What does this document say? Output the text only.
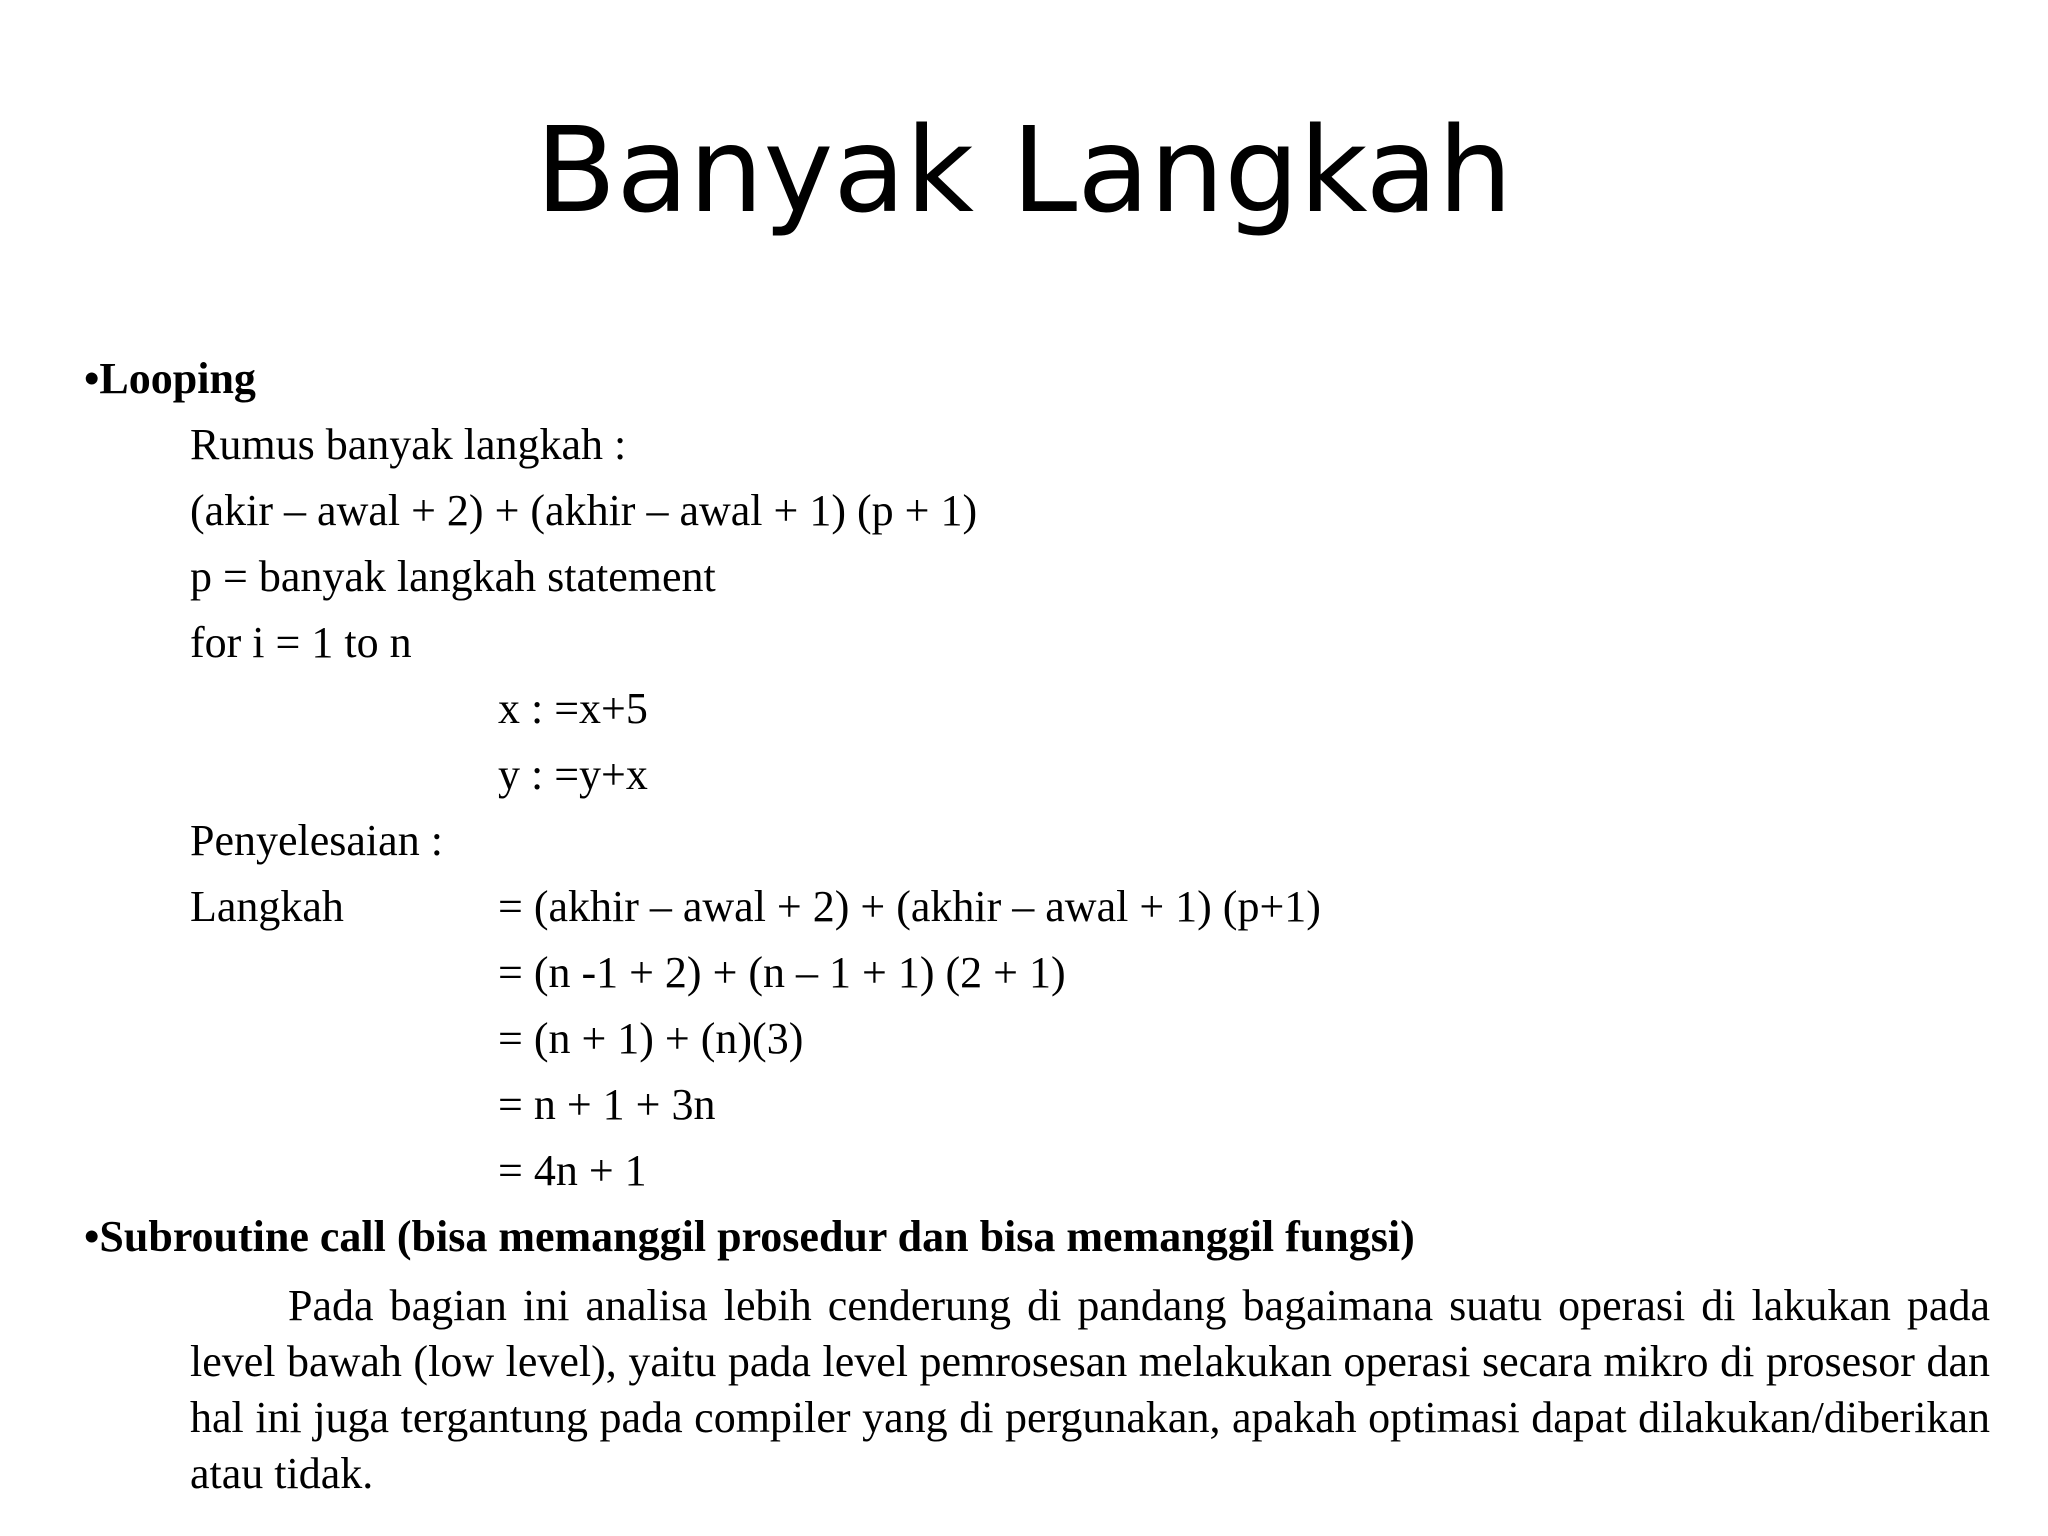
Banyak Langkah
•Looping
Rumus banyak langkah :
(akir – awal + 2) + (akhir – awal + 1) (p + 1)
p = banyak langkah statement
for i = 1 to n
x : =x+5
y : =y+x
Penyelesaian :
Langkah	= (akhir – awal + 2) + (akhir – awal + 1) (p+1)
= (n -1 + 2) + (n – 1 + 1) (2 + 1)
= (n + 1) + (n)(3)
= n + 1 + 3n
= 4n + 1
•Subroutine call (bisa memanggil prosedur dan bisa memanggil fungsi)

Pada bagian ini analisa lebih cenderung di pandang bagaimana suatu operasi di lakukan pada level bawah (low level), yaitu pada level pemrosesan melakukan operasi secara mikro di prosesor dan hal ini juga tergantung pada compiler yang di pergunakan, apakah optimasi dapat dilakukan/diberikan atau tidak.
